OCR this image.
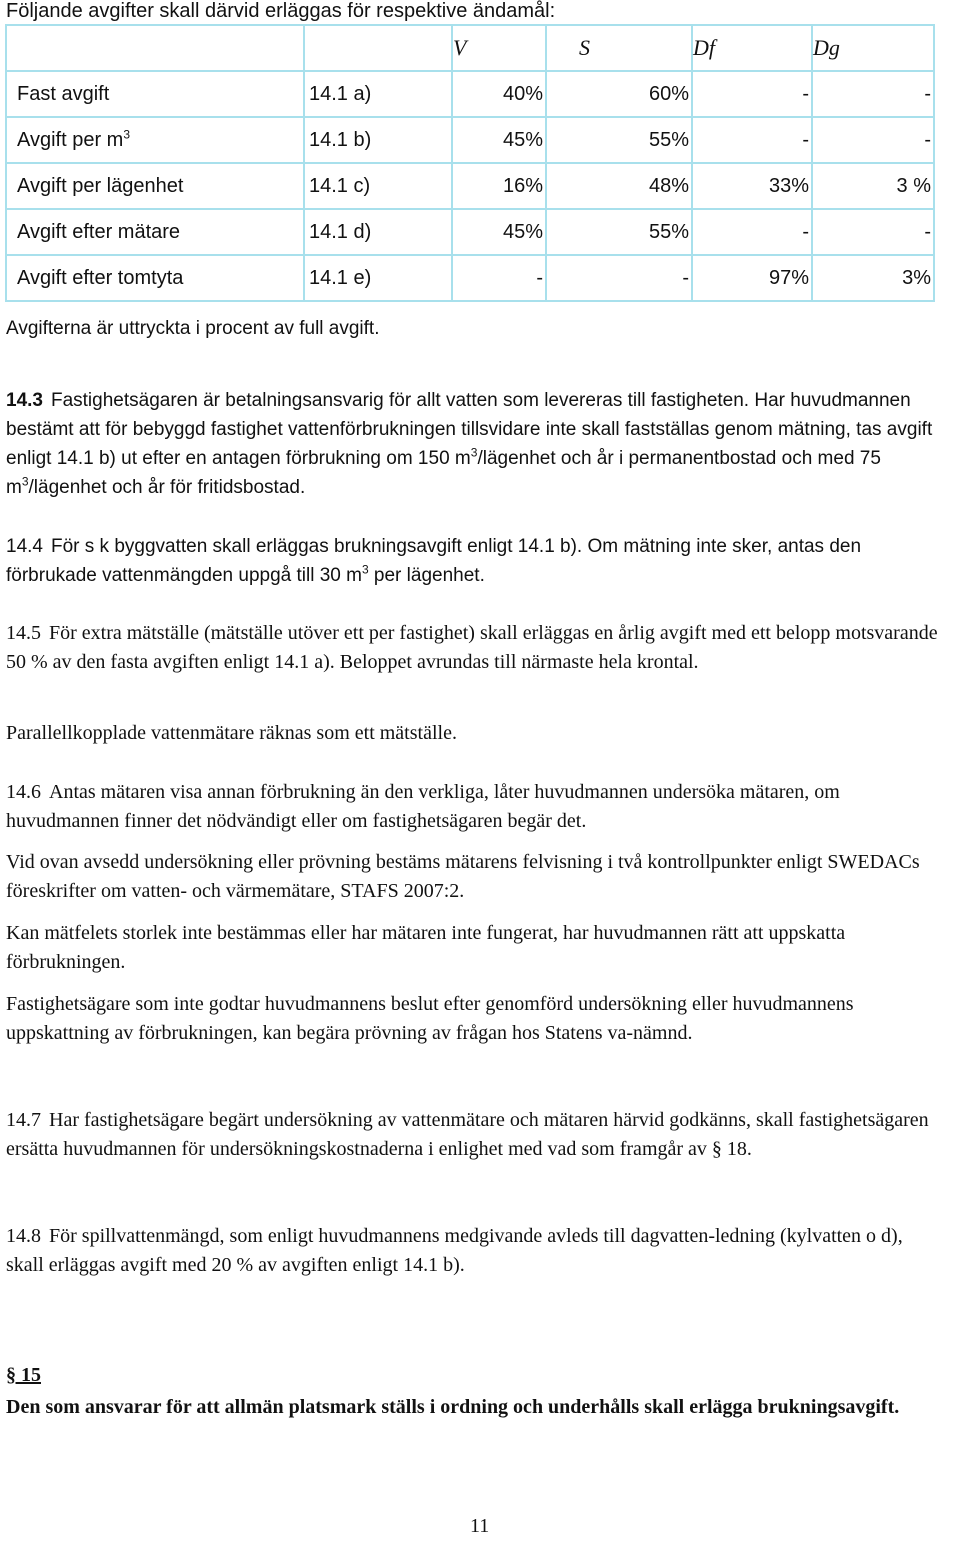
Följande avgifter skall därvid erläggas för respektive ändamål:
		V	S	Df	Dg
Fast avgift	14.1 a)	40%	60%	-	-
Avgift per $m^3$	14.1 b)	45%	55%	-	-
Avgift per lägenhet	14.1 c)	16%	48%	33%	3 %
Avgift efter mätare	14.1 d)	45%	55%	-	-
Avgift efter tomtyta	14.1 e)	-	-	97%	3%
Avgifterna är uttryckta i procent av full avgift.
14.3 Fastighetsägaren är betalningsansvarig för allt vatten som levereras till fastigheten. Har huvudmannen bestämt att för bebyggd fastighet vattenförbrukningen tillsvidare inte skall fastställas genom mätning, tas avgift enligt 14.1 b) ut efter en antagen förbrukning om 150 $m^3$/lägenhet och år i permanentbostad och med 75 $m^3$/lägenhet och år för fritidsbostad.
14.4 För s k byggvatten skall erläggas brukningsavgift enligt 14.1 b). Om mätning inte sker, antas den förbrukade vattenmängden uppgå till 30 $m^3$ per lägenhet.
14.5 För extra mätställe (mätställe utöver ett per fastighet) skall erläggas en årlig avgift med ett belopp motsvarande 50 % av den fasta avgiften enligt 14.1 a). Beloppet avrundas till närmaste hela krontal.
Parallellkopplade vattenmätare räknas som ett mätställe.
14.6 Antas mätaren visa annan förbrukning än den verkliga, låter huvudmannen undersöka mätaren, om huvudmannen finner det nödvändigt eller om fastighetsägaren begär det.
Vid ovan avsedd undersökning eller prövning bestäms mätarens felvisning i två kontrollpunkter enligt SWEDACs föreskrifter om vatten- och värmemätare, STAFS 2007:2.
Kan mätfelets storlek inte bestämmas eller har mätaren inte fungerat, har huvudmannen rätt att uppskatta förbrukningen.
Fastighetsägare som inte godtar huvudmannens beslut efter genomförd undersökning eller huvudmannens uppskattning av förbrukningen, kan begära prövning av frågan hos Statens va-nämnd.
14.7 Har fastighetsägare begärt undersökning av vattenmätare och mätaren härvid godkänns, skall fastighetsägaren ersätta huvudmannen för undersökningskostnaderna i enlighet med vad som framgår av § 18.
14.8 För spillvattenmängd, som enligt huvudmannens medgivande avleds till dagvatten-ledning (kylvatten o d), skall erläggas avgift med 20 % av avgiften enligt 14.1 b).
§ 15
Den som ansvarar för att allmän platsmark ställs i ordning och underhålls skall erlägga brukningsavgift.
11
